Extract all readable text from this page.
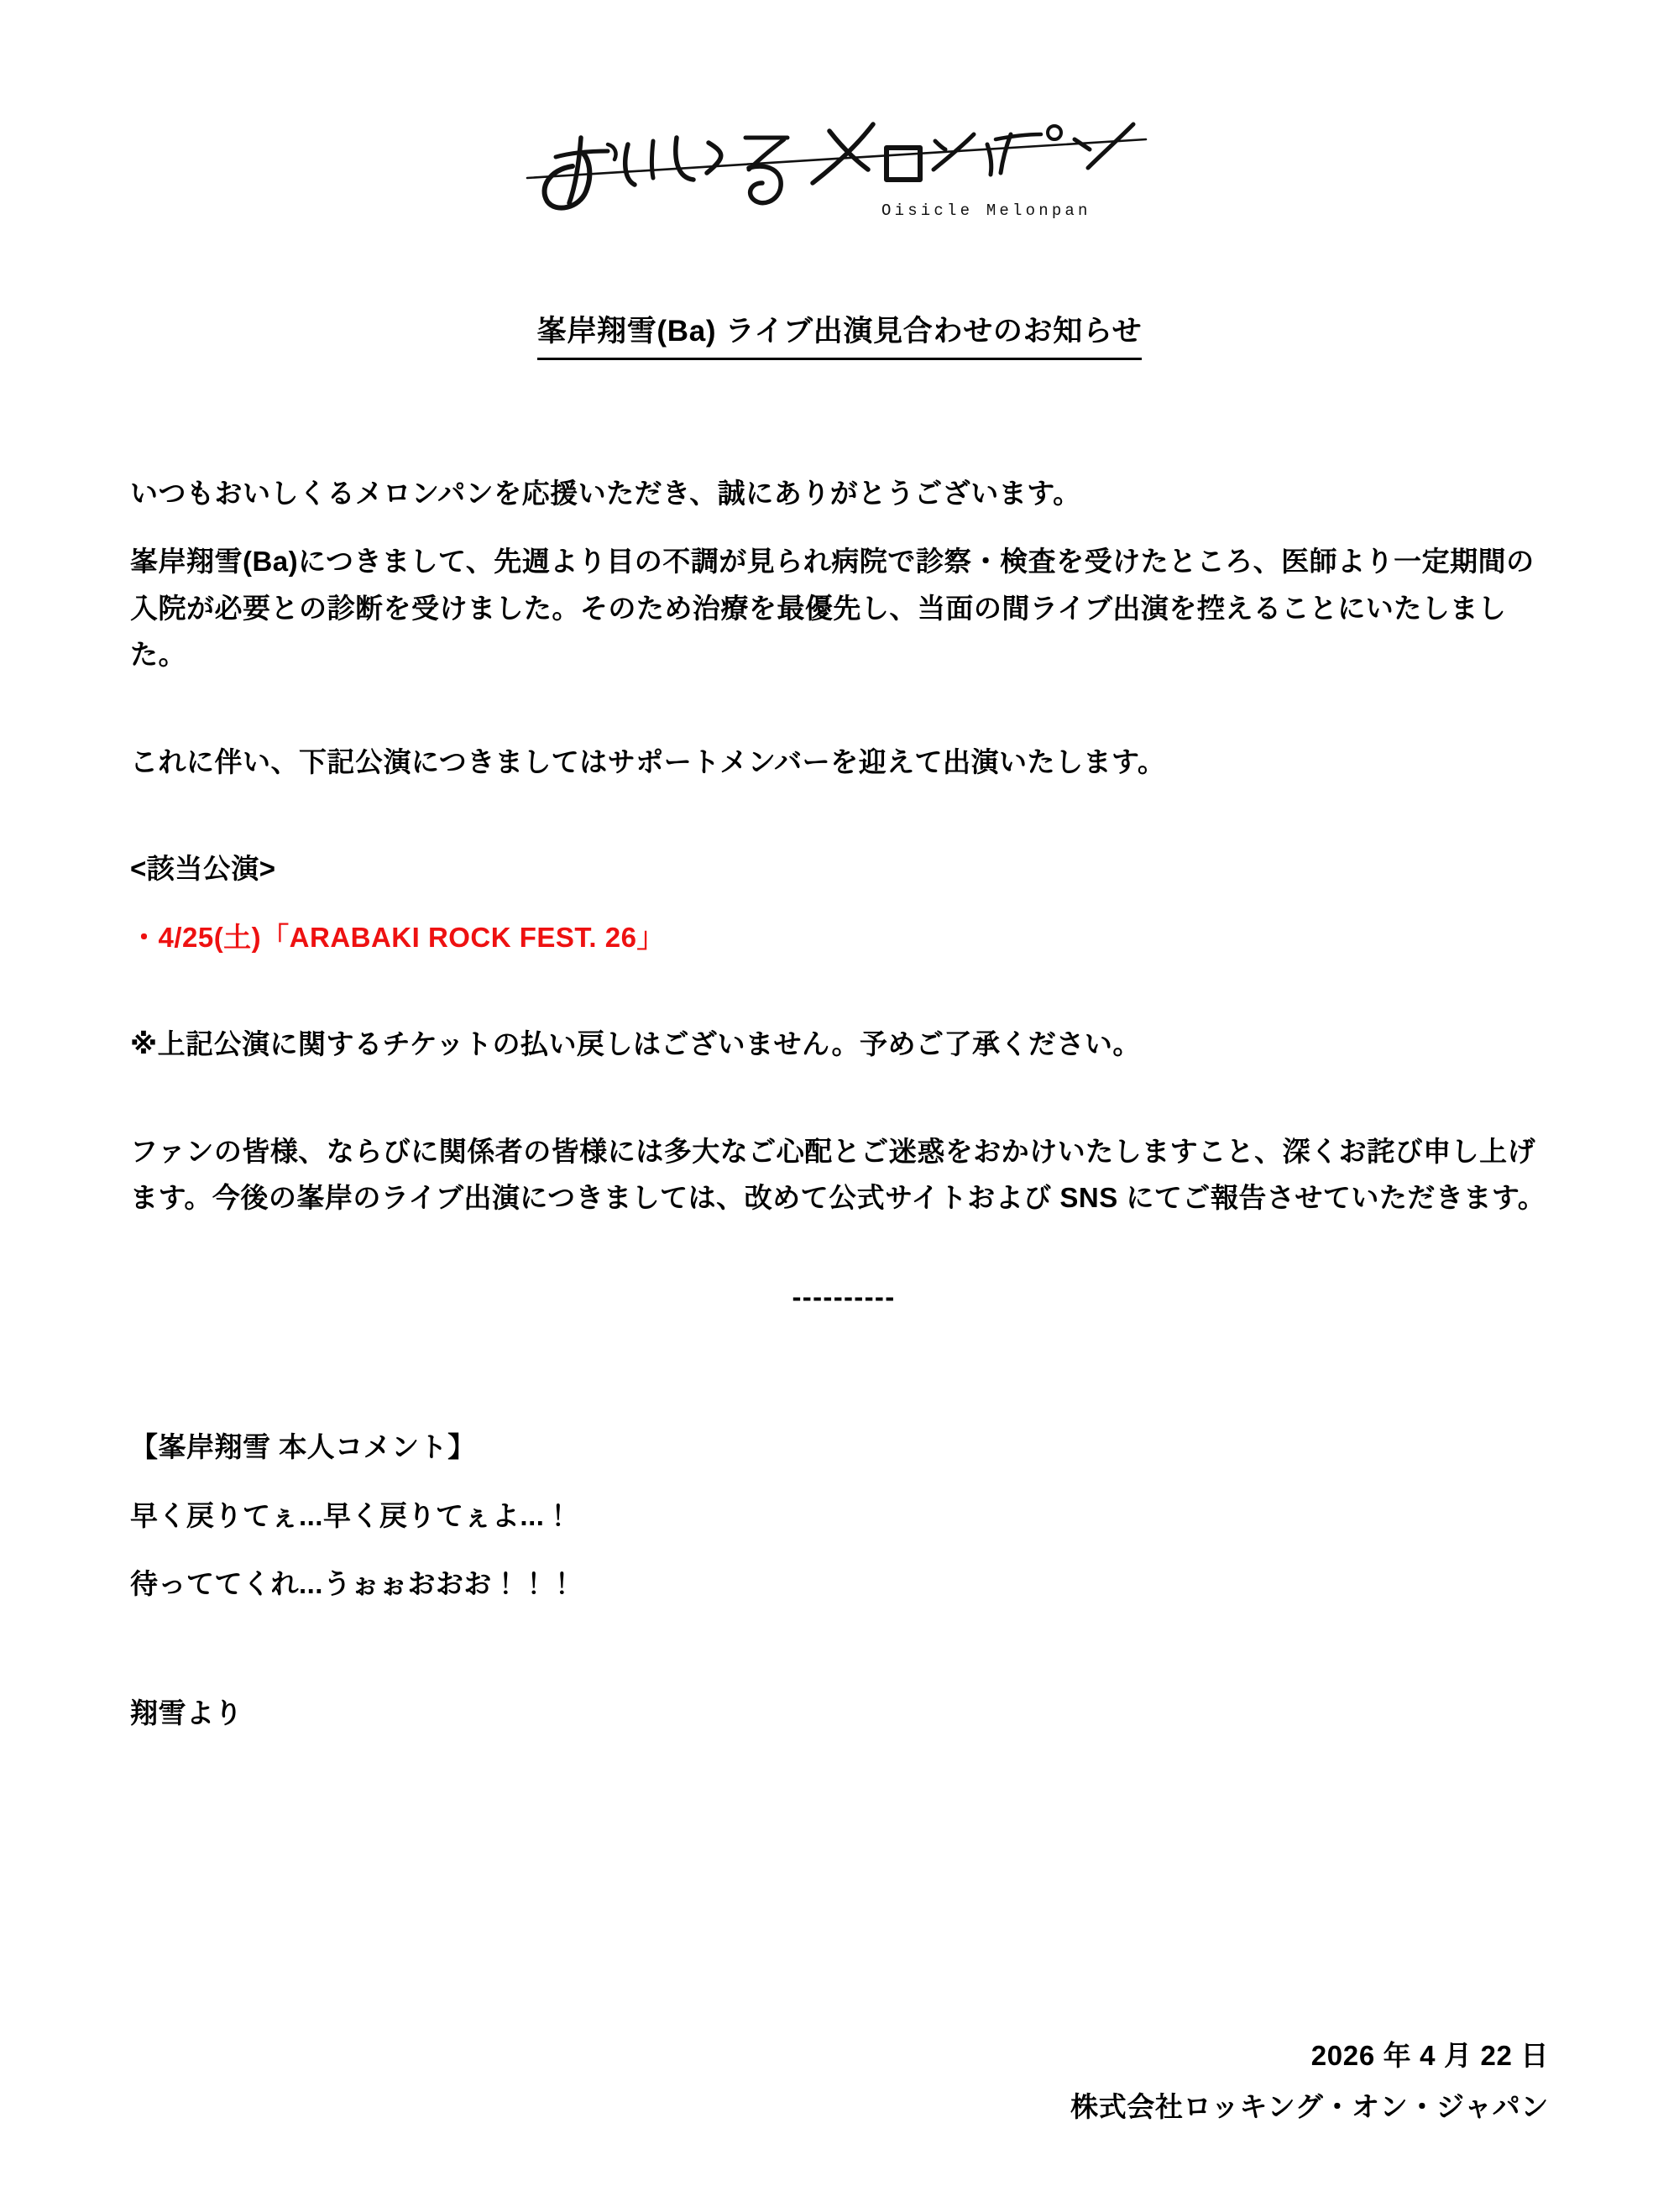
Oisicle Melonpan
峯岸翔雪(Ba) ライブ出演見合わせのお知らせ

いつもおいしくるメロンパンを応援いただき、誠にありがとうございます。

峯岸翔雪(Ba)につきまして、先週より目の不調が見られ病院で診察・検査を受けたところ、医師より一定期間の入院が必要との診断を受けました。そのため治療を最優先し、当面の間ライブ出演を控えることにいたしました。

これに伴い、下記公演につきましてはサポートメンバーを迎えて出演いたします。

<該当公演>

・4/25(土)「ARABAKI ROCK FEST. 26」

※上記公演に関するチケットの払い戻しはございません。予めご了承ください。

ファンの皆様、ならびに関係者の皆様には多大なご心配とご迷惑をおかけいたしますこと、深くお詫び申し上げます。今後の峯岸のライブ出演につきましては、改めて公式サイトおよび SNS にてご報告させていただきます。

----------

【峯岸翔雪 本人コメント】

早く戻りてぇ...早く戻りてぇよ...！

待っててくれ...うぉぉおおお！！！

翔雪より

2026 年 4 月 22 日
株式会社ロッキング・オン・ジャパン
